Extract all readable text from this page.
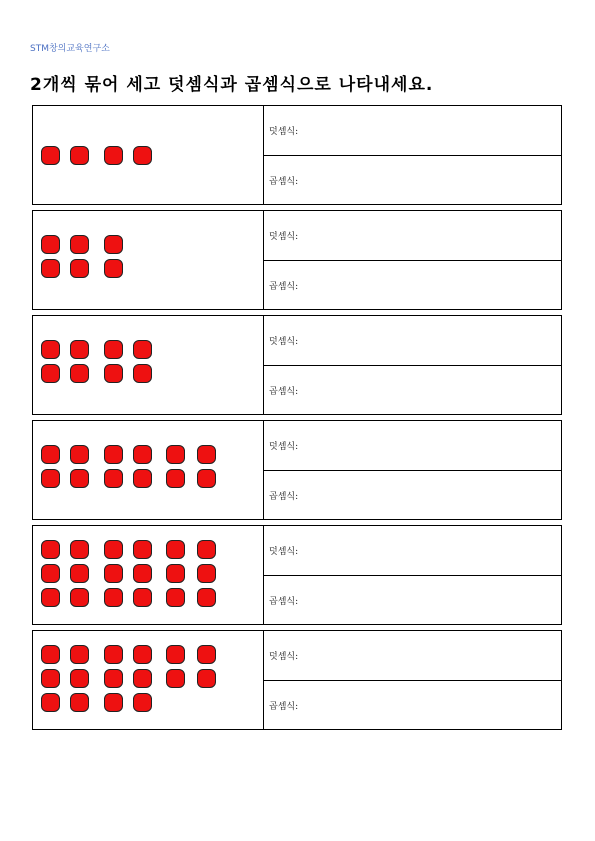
STM창의교육연구소
2개씩 묶어 세고 덧셈식과 곱셈식으로 나타내세요.
덧셈식:
곱셈식:
덧셈식:
곱셈식:
덧셈식:
곱셈식:
덧셈식:
곱셈식:
덧셈식:
곱셈식:
덧셈식:
곱셈식:
